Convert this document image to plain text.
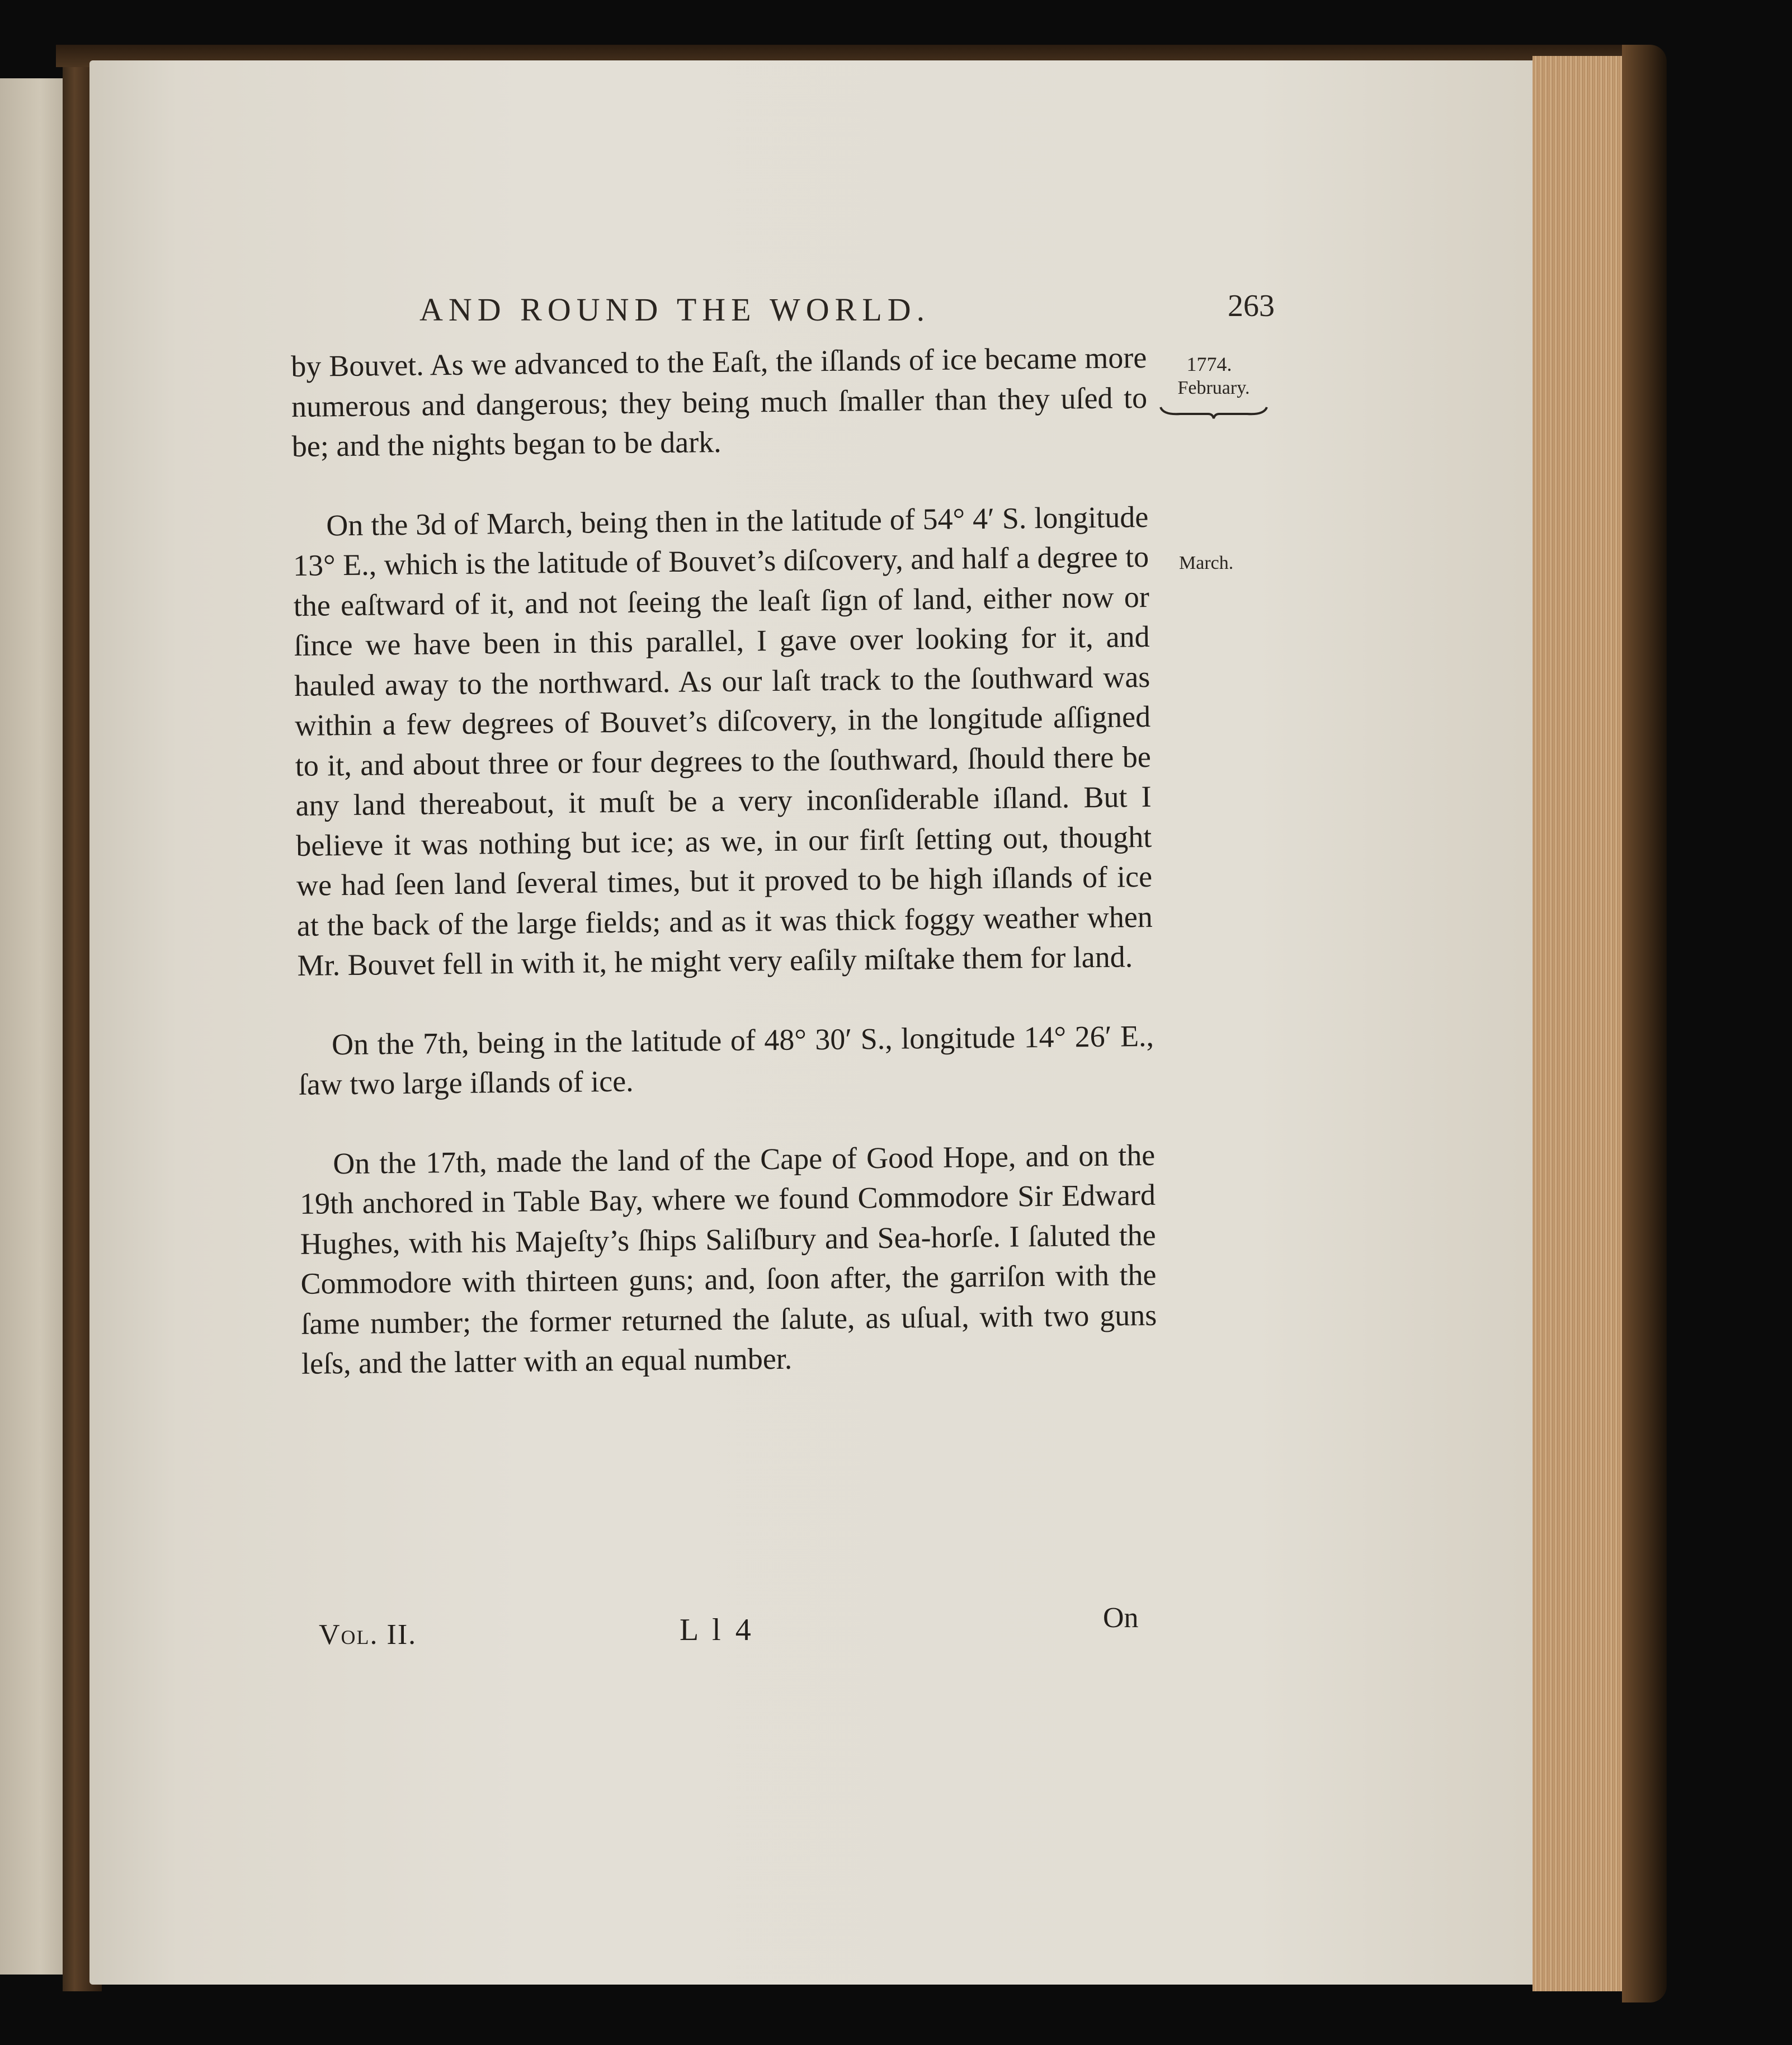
AND ROUND THE WORLD.	263
1774.
February.
March.

by Bouvet. As we advanced to the Eaſt, the iſlands of ice became more numerous and dangerous; they being much ſmaller than they uſed to be; and the nights began to be dark.

On the 3d of March, being then in the latitude of 54° 4′ S. longitude 13° E., which is the latitude of Bouvet’s diſcovery, and half a degree to the eaſtward of it, and not ſeeing the leaſt ſign of land, either now or ſince we have been in this parallel, I gave over looking for it, and hauled away to the northward. As our laſt track to the ſouthward was within a few degrees of Bouvet’s diſcovery, in the longitude aſſigned to it, and about three or four degrees to the ſouthward, ſhould there be any land thereabout, it muſt be a very inconſiderable iſland. But I believe it was nothing but ice; as we, in our firſt ſetting out, thought we had ſeen land ſeveral times, but it proved to be high iſlands of ice at the back of the large fields; and as it was thick foggy weather when Mr. Bouvet fell in with it, he might very eaſily miſtake them for land.

On the 7th, being in the latitude of 48° 30′ S., longitude 14° 26′ E., ſaw two large iſlands of ice.

On the 17th, made the land of the Cape of Good Hope, and on the 19th anchored in Table Bay, where we found Commodore Sir Edward Hughes, with his Majeſty’s ſhips Saliſbury and Sea-horſe. I ſaluted the Commodore with thirteen guns; and, ſoon after, the garriſon with the ſame number; the former returned the ſalute, as uſual, with two guns leſs, and the latter with an equal number.

Vol. II.	L l 4	On
